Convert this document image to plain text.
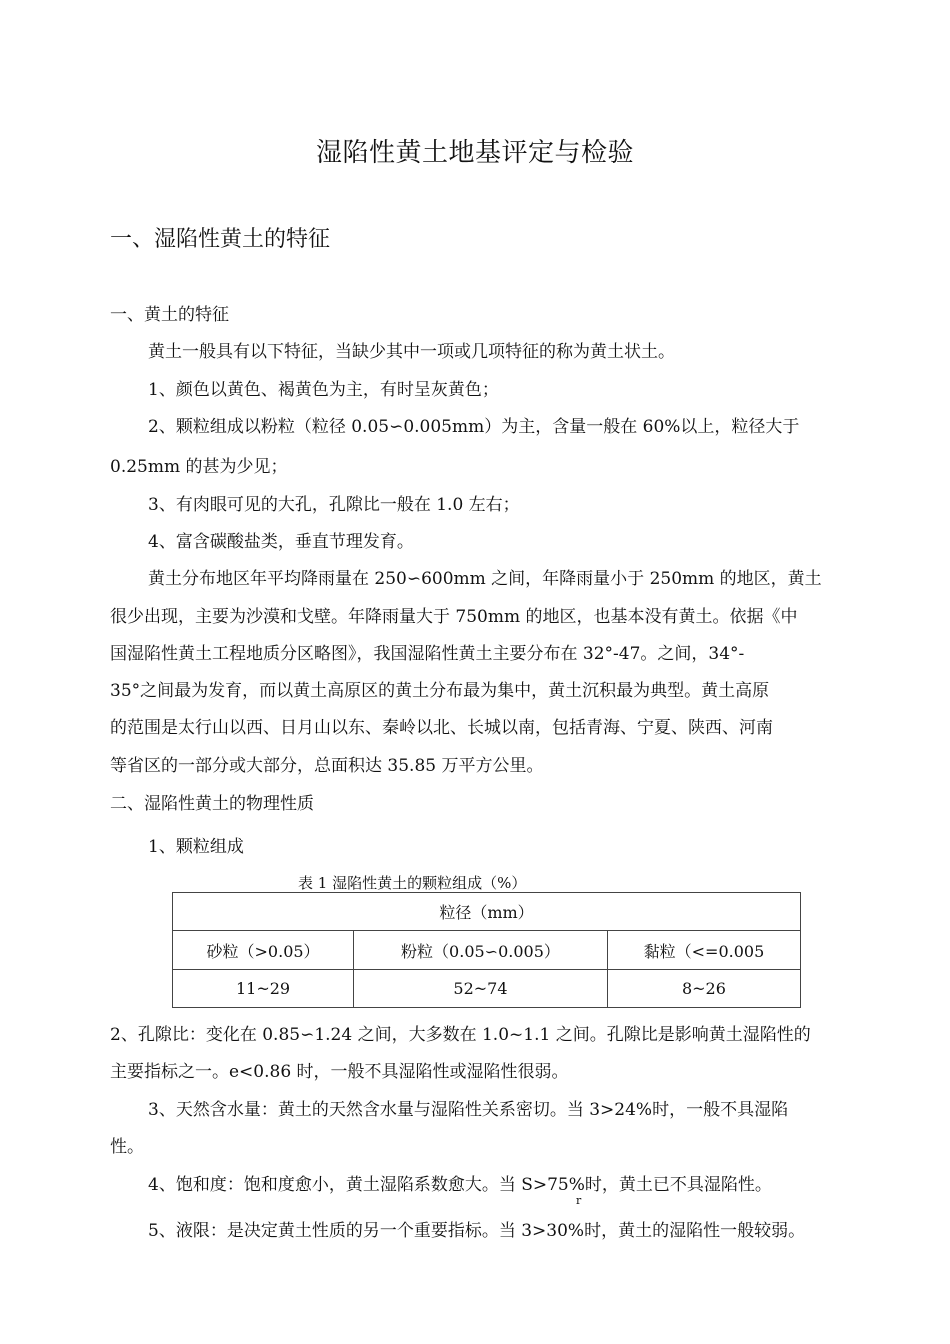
湿陷性黄土地基评定与检验
一、湿陷性黄土的特征
一、黄土的特征
黄土一般具有以下特征，当缺少其中一项或几项特征的称为黄土状土。
1、颜色以黄色、褐黄色为主，有时呈灰黄色；
2、颗粒组成以粉粒（粒径 0.05∽0.005mm）为主，含量一般在 60%以上，粒径大于
0.25mm 的甚为少见；
3、有肉眼可见的大孔，孔隙比一般在 1.0 左右；
4、富含碳酸盐类，垂直节理发育。
黄土分布地区年平均降雨量在 250∽600mm 之间，年降雨量小于 250mm 的地区，黄土
很少出现，主要为沙漠和戈壁。年降雨量大于 750mm 的地区，也基本没有黄土。依据《中
国湿陷性黄土工程地质分区略图》，我国湿陷性黄土主要分布在 32°-47。之间，34°-
35°之间最为发育，而以黄土高原区的黄土分布最为集中，黄土沉积最为典型。黄土高原
的范围是太行山以西、日月山以东、秦岭以北、长城以南，包括青海、宁夏、陕西、河南
等省区的一部分或大部分，总面积达 35.85 万平方公里。
二、湿陷性黄土的物理性质
1、颗粒组成
表 1 湿陷性黄土的颗粒组成（%）
粒径（mm）		
砂粒（>0.05）	粉粒（0.05∽0.005）	黏粒（<=0.005
11~29	52~74	8~26
2、孔隙比：变化在 0.85∽1.24 之间，大多数在 1.0~1.1 之间。孔隙比是影响黄土湿陷性的
主要指标之一。e<0.86 时，一般不具湿陷性或湿陷性很弱。
3、天然含水量：黄土的天然含水量与湿陷性关系密切。当 3>24%时，一般不具湿陷
性。
4、饱和度：饱和度愈小，黄土湿陷系数愈大。当 S>75%时，黄土已不具湿陷性。
r
5、液限：是决定黄土性质的另一个重要指标。当 3>30%时，黄土的湿陷性一般较弱。
